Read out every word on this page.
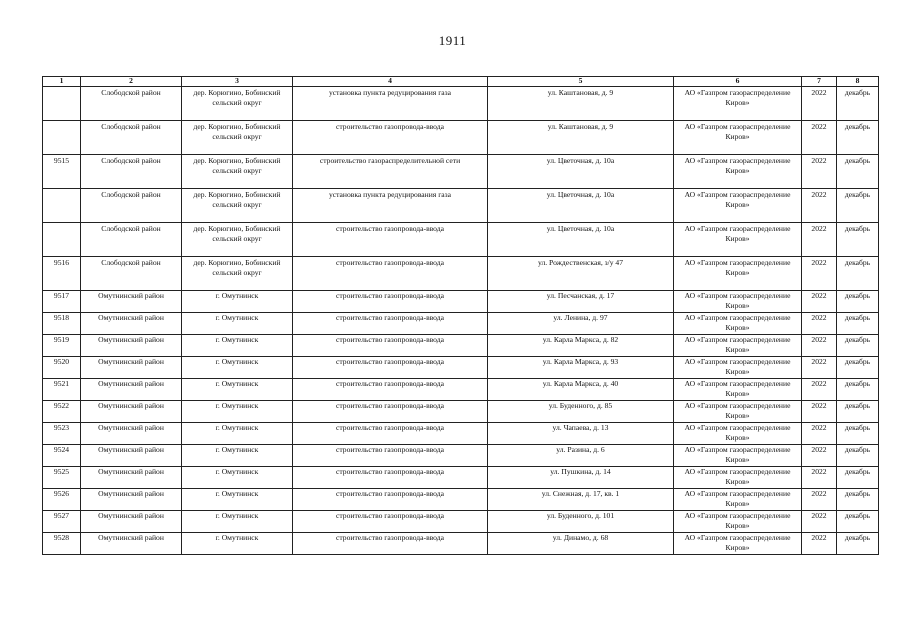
1911
1	2	3	4	5	6	7	8
	Слободской район	дер. Корюгино, Бобинский сельский округ	установка пункта редуцирования газа	ул. Каштановая, д. 9	АО «Газпром газораспределение Киров»	2022	декабрь
	Слободской район	дер. Корюгино, Бобинский сельский округ	строительство газопровода-ввода	ул. Каштановая, д. 9	АО «Газпром газораспределение Киров»	2022	декабрь
9515	Слободской район	дер. Корюгино, Бобинский сельский округ	строительство газораспределительной сети	ул. Цветочная, д. 10а	АО «Газпром газораспределение Киров»	2022	декабрь
	Слободской район	дер. Корюгино, Бобинский сельский округ	установка пункта редуцирования газа	ул. Цветочная, д. 10а	АО «Газпром газораспределение Киров»	2022	декабрь
	Слободской район	дер. Корюгино, Бобинский сельский округ	строительство газопровода-ввода	ул. Цветочная, д. 10а	АО «Газпром газораспределение Киров»	2022	декабрь
9516	Слободской район	дер. Корюгино, Бобинский сельский округ	строительство газопровода-ввода	ул. Рождественская, з/у 47	АО «Газпром газораспределение Киров»	2022	декабрь
9517	Омутнинский район	г. Омутнинск	строительство газопровода-ввода	ул. Песчанская, д. 17	АО «Газпром газораспределение Киров»	2022	декабрь
9518	Омутнинский район	г. Омутнинск	строительство газопровода-ввода	ул. Ленина, д. 97	АО «Газпром газораспределение Киров»	2022	декабрь
9519	Омутнинский район	г. Омутнинск	строительство газопровода-ввода	ул. Карла Маркса, д. 82	АО «Газпром газораспределение Киров»	2022	декабрь
9520	Омутнинский район	г. Омутнинск	строительство газопровода-ввода	ул. Карла Маркса, д. 93	АО «Газпром газораспределение Киров»	2022	декабрь
9521	Омутнинский район	г. Омутнинск	строительство газопровода-ввода	ул. Карла Маркса, д. 40	АО «Газпром газораспределение Киров»	2022	декабрь
9522	Омутнинский район	г. Омутнинск	строительство газопровода-ввода	ул. Буденного, д. 85	АО «Газпром газораспределение Киров»	2022	декабрь
9523	Омутнинский район	г. Омутнинск	строительство газопровода-ввода	ул. Чапаева, д. 13	АО «Газпром газораспределение Киров»	2022	декабрь
9524	Омутнинский район	г. Омутнинск	строительство газопровода-ввода	ул. Разина, д. 6	АО «Газпром газораспределение Киров»	2022	декабрь
9525	Омутнинский район	г. Омутнинск	строительство газопровода-ввода	ул. Пушкина, д. 14	АО «Газпром газораспределение Киров»	2022	декабрь
9526	Омутнинский район	г. Омутнинск	строительство газопровода-ввода	ул. Снежная, д. 17, кв. 1	АО «Газпром газораспределение Киров»	2022	декабрь
9527	Омутнинский район	г. Омутнинск	строительство газопровода-ввода	ул. Буденного, д. 101	АО «Газпром газораспределение Киров»	2022	декабрь
9528	Омутнинский район	г. Омутнинск	строительство газопровода-ввода	ул. Динамо, д. 68	АО «Газпром газораспределение Киров»	2022	декабрь
